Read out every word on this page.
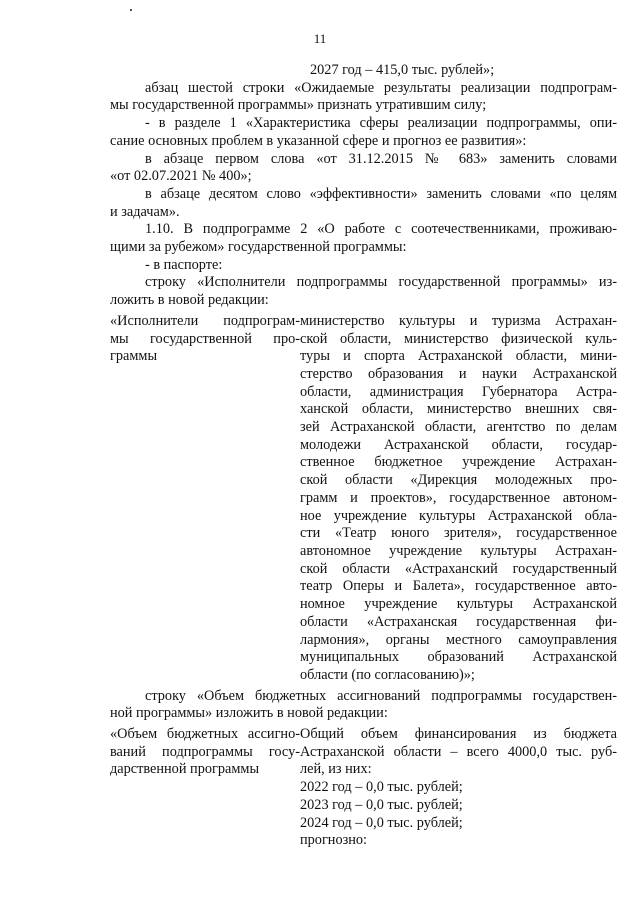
11
2027 год – 415,0 тыс. рублей»;
абзац шестой строки «Ожидаемые результаты реализации подпрограм-
мы государственной программы» признать утратившим силу;
- в разделе 1 «Характеристика сферы реализации подпрограммы, опи-
сание основных проблем в указанной сфере и прогноз ее развития»:
в абзаце первом слова «от 31.12.2015 № 683» заменить словами
«от 02.07.2021 № 400»;
в абзаце десятом слово «эффективности» заменить словами «по целям
и задачам».
1.10. В подпрограмме 2 «О работе с соотечественниками, проживаю-
щими за рубежом» государственной программы:
- в паспорте:
строку «Исполнители подпрограммы государственной программы» из-
ложить в новой редакции:
«Исполнители подпрограм-
мы государственной про-
граммы
министерство культуры и туризма Астрахан-
ской области, министерство физической куль-
туры и спорта Астраханской области, мини-
стерство образования и науки Астраханской
области, администрация Губернатора Астра-
ханской области, министерство внешних свя-
зей Астраханской области, агентство по делам
молодежи Астраханской области, государ-
ственное бюджетное учреждение Астрахан-
ской области «Дирекция молодежных про-
грамм и проектов», государственное автоном-
ное учреждение культуры Астраханской обла-
сти «Театр юного зрителя», государственное
автономное учреждение культуры Астрахан-
ской области «Астраханский государственный
театр Оперы и Балета», государственное авто-
номное учреждение культуры Астраханской
области «Астраханская государственная фи-
лармония», органы местного самоуправления
муниципальных образований Астраханской
области (по согласованию)»;
строку «Объем бюджетных ассигнований подпрограммы государствен-
ной программы» изложить в новой редакции:
«Объем бюджетных ассигно-
ваний подпрограммы госу-
дарственной программы
Общий объем финансирования из бюджета
Астраханской области – всего 4000,0 тыс. руб-
лей, из них:
2022 год – 0,0 тыс. рублей;
2023 год – 0,0 тыс. рублей;
2024 год – 0,0 тыс. рублей;
прогнозно:
